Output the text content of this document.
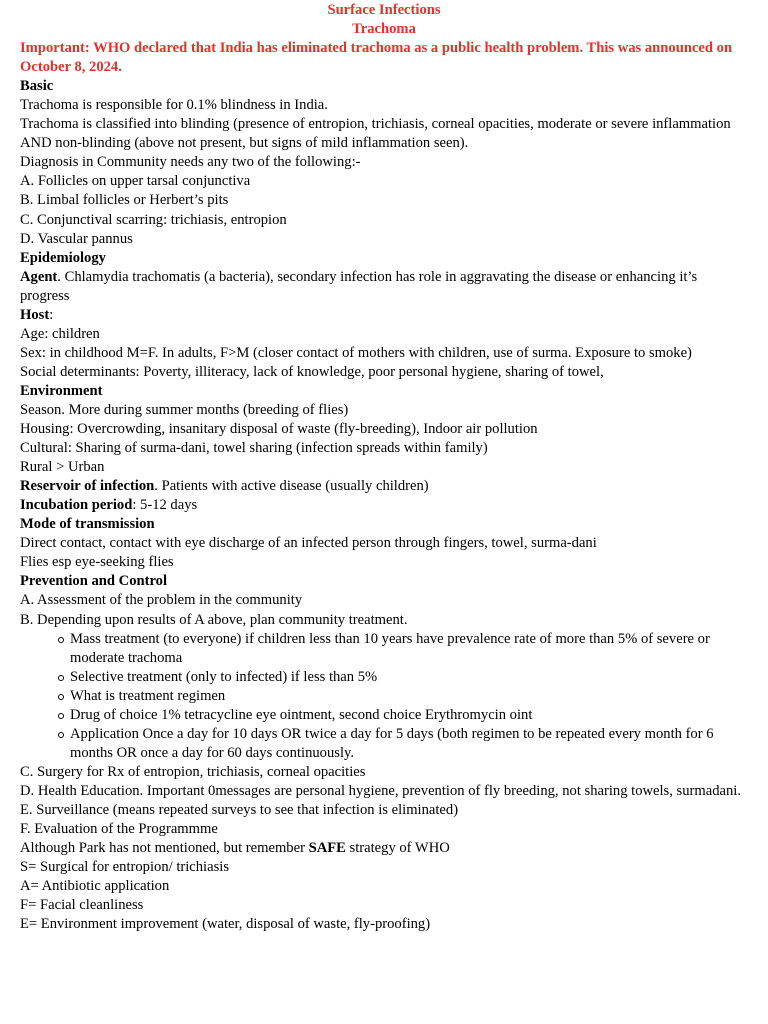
Surface Infections

Trachoma

Important: WHO declared that India has eliminated trachoma as a public health problem. This was announced on October 8, 2024.

Basic

Trachoma is responsible for 0.1% blindness in India.

Trachoma is classified into blinding (presence of entropion, trichiasis, corneal opacities, moderate or severe inflammation AND non-blinding (above not present, but signs of mild inflammation seen).

Diagnosis in Community needs any two of the following:-

A. Follicles on upper tarsal conjunctiva

B. Limbal follicles or Herbert’s pits

C. Conjunctival scarring: trichiasis, entropion

D. Vascular pannus

Epidemiology

Agent. Chlamydia trachomatis (a bacteria), secondary infection has role in aggravating the disease or enhancing it’s progress

Host:

Age: children

Sex: in childhood M=F. In adults, F>M (closer contact of mothers with children, use of surma. Exposure to smoke)

Social determinants: Poverty, illiteracy, lack of knowledge, poor personal hygiene, sharing of towel,

Environment

Season. More during summer months (breeding of flies)

Housing: Overcrowding, insanitary disposal of waste (fly-breeding), Indoor air pollution

Cultural: Sharing of surma-dani, towel sharing (infection spreads within family)

Rural > Urban

Reservoir of infection. Patients with active disease (usually children)

Incubation period: 5-12 days

Mode of transmission

Direct contact, contact with eye discharge of an infected person through fingers, towel, surma-dani

Flies esp eye-seeking flies

Prevention and Control

A. Assessment of the problem in the community

B. Depending upon results of A above, plan community treatment.

Mass treatment (to everyone) if children less than 10 years have prevalence rate of more than 5% of severe or moderate trachoma
Selective treatment (only to infected) if less than 5%
What is treatment regimen
Drug of choice 1% tetracycline eye ointment, second choice Erythromycin oint
Application Once a day for 10 days OR twice a day for 5 days (both regimen to be repeated every month for 6 months OR once a day for 60 days continuously.

C. Surgery for Rx of entropion, trichiasis, corneal opacities

D. Health Education. Important 0messages are personal hygiene, prevention of fly breeding, not sharing towels, surmadani.

E. Surveillance (means repeated surveys to see that infection is eliminated)

F. Evaluation of the Programmme

Although Park has not mentioned, but remember SAFE strategy of WHO

S= Surgical for entropion/ trichiasis

A= Antibiotic application

F= Facial cleanliness

E= Environment improvement (water, disposal of waste, fly-proofing)
